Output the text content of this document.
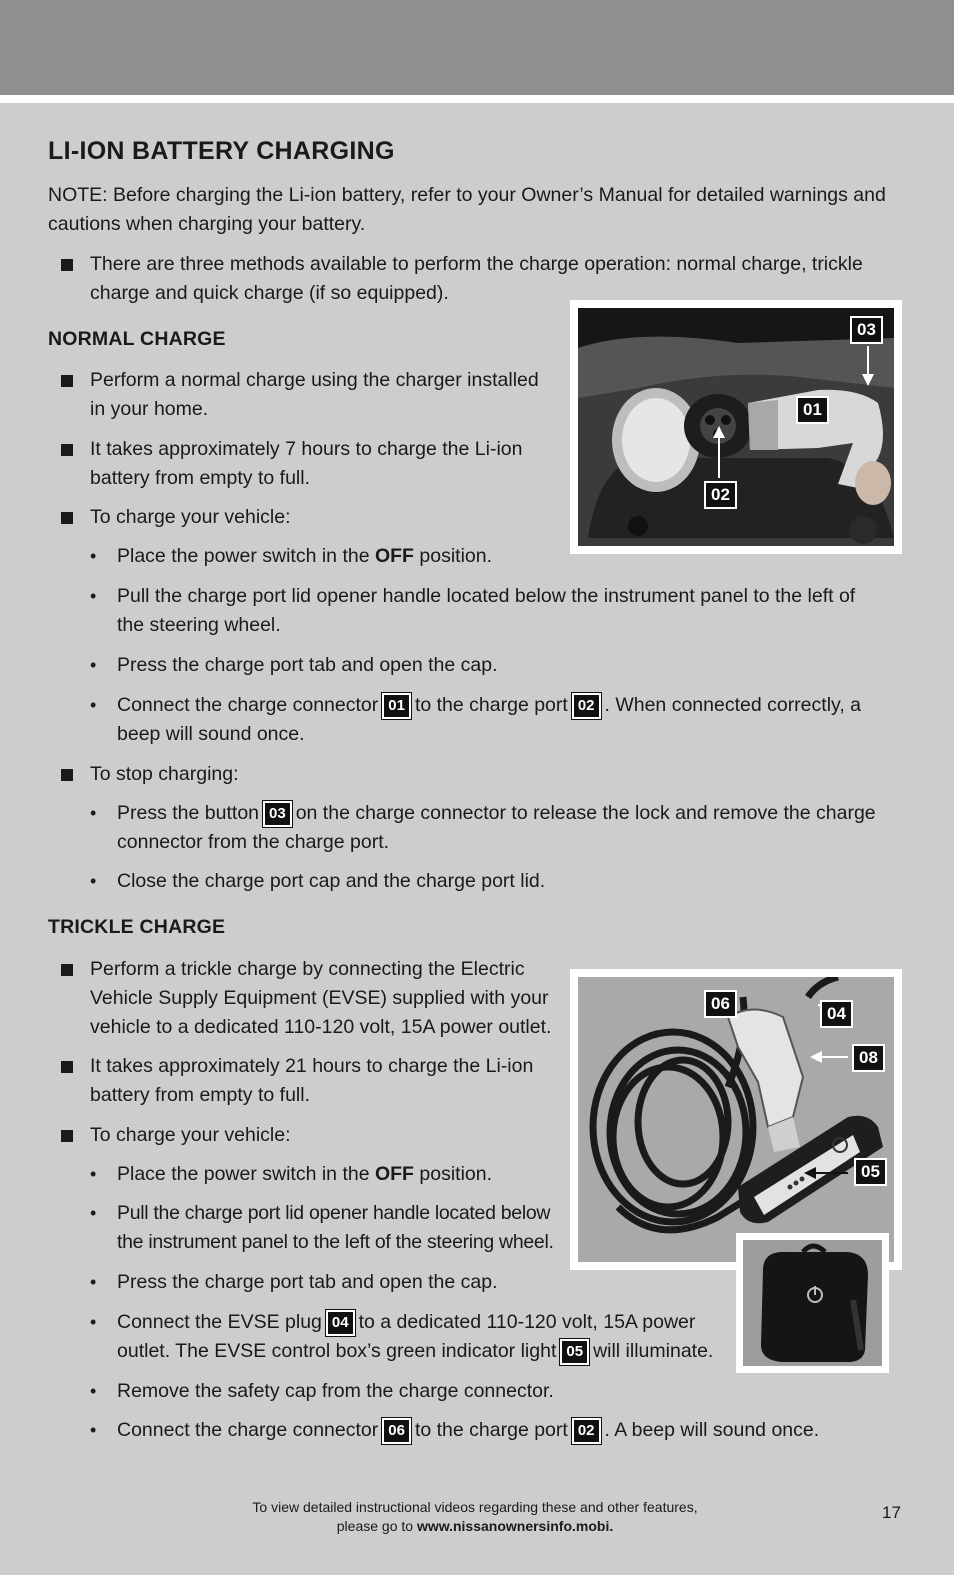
LI-ION BATTERY CHARGING
NOTE: Before charging the Li-ion battery, refer to your Owner’s Manual for detailed warnings and
cautions when charging your battery.
There are three methods available to perform the charge operation: normal charge, trickle
charge and quick charge (if so equipped).
NORMAL CHARGE
Perform a normal charge using the charger installed
in your home.
It takes approximately 7 hours to charge the Li-ion
battery from empty to full.
To charge your vehicle:
• Place the power switch in the OFF position.
• Pull the charge port lid opener handle located below the instrument panel to the left of
the steering wheel.
• Press the charge port tab and open the cap.
• Connect the charge connector 01 to the charge port 02 . When connected correctly, a
beep will sound once.
To stop charging:
• Press the button 03 on the charge connector to release the lock and remove the charge
connector from the charge port.
• Close the charge port cap and the charge port lid.
03
01
02
TRICKLE CHARGE
Perform a trickle charge by connecting the Electric
Vehicle Supply Equipment (EVSE) supplied with your
vehicle to a dedicated 110-120 volt, 15A power outlet.
It takes approximately 21 hours to charge the Li-ion
battery from empty to full.
To charge your vehicle:
• Place the power switch in the OFF position.
• Pull the charge port lid opener handle located below
the instrument panel to the left of the steering wheel.
• Press the charge port tab and open the cap.
• Connect the EVSE plug 04 to a dedicated 110-120 volt, 15A power
outlet. The EVSE control box’s green indicator light 05 will illuminate.
• Remove the safety cap from the charge connector.
• Connect the charge connector 06 to the charge port 02 . A beep will sound once.
06
04
08
05
To view detailed instructional videos regarding these and other features,
please go to www.nissanownersinfo.mobi.
17
